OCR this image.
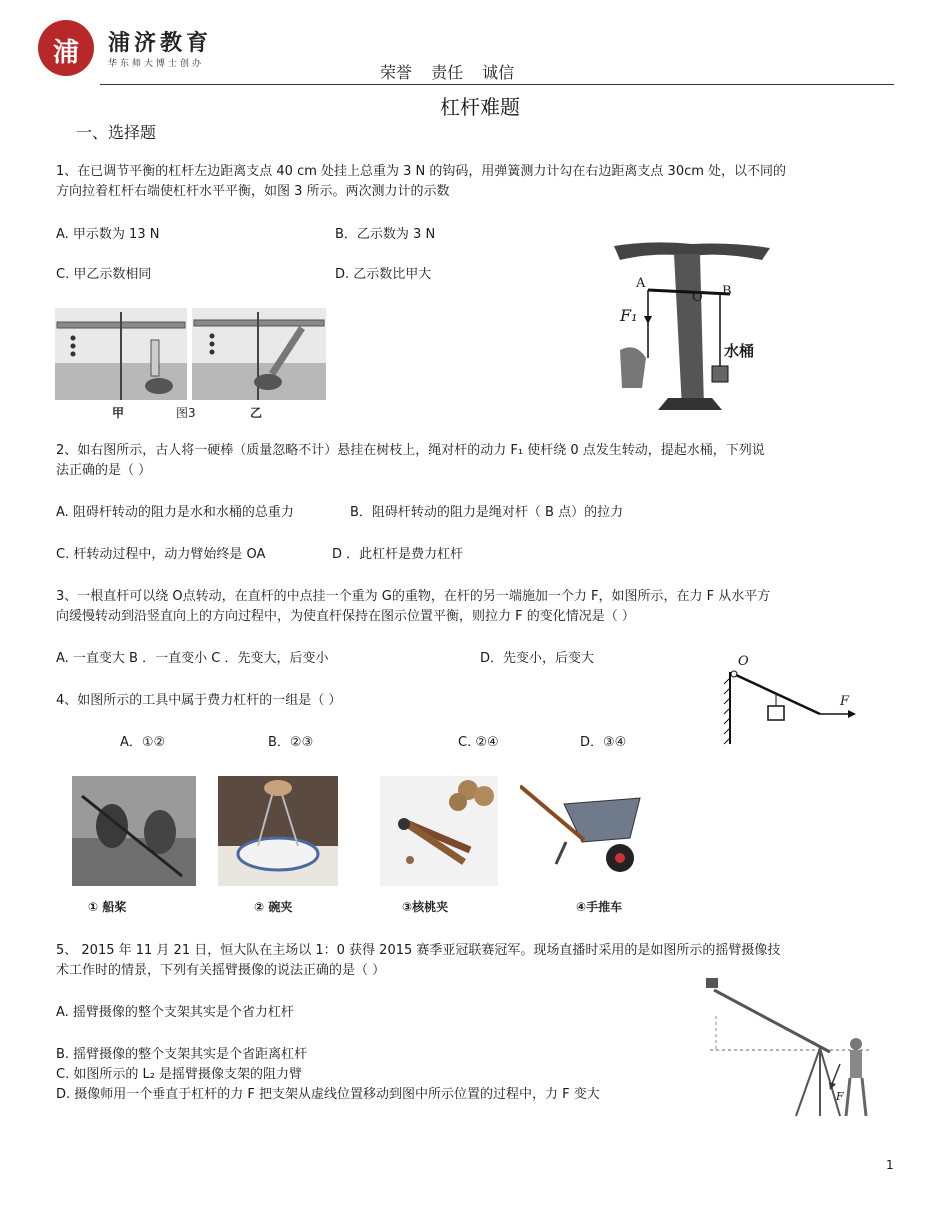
浦	浦济教育
华东师大博士创办	荣誉 责任 诚信
杠杆难题
一、选择题
1、在已调节平衡的杠杆左边距离支点 40 cm 处挂上总重为 3 N 的钩码，用弹簧测力计勾在右边距离支点 30cm 处，以不同的
方向拉着杠杆右端使杠杆水平平衡，如图 3 所示。两次测力计的示数
A. 甲示数为 13 N	B．乙示数为 3 N
C. 甲乙示数相同	D. 乙示数比甲大
甲	图3	乙
A
O B
F₁
水桶
2、如右图所示，古人将一硬棒（质量忽略不计）悬挂在树枝上，绳对杆的动力 F₁ 使杆绕 0 点发生转动，提起水桶，下列说
法正确的是（ ）
A. 阻碍杆转动的阻力是水和水桶的总重力	B．阻碍杆转动的阻力是绳对杆（ B 点）的拉力
C. 杆转动过程中，动力臂始终是 OA	D ．此杠杆是费力杠杆
3、一根直杆可以绕 O点转动，在直杆的中点挂一个重为 G的重物，在杆的另一端施加一个力 F，如图所示，在力 F 从水平方
向缓慢转动到沿竖直向上的方向过程中，为使直杆保持在图示位置平衡，则拉力 F 的变化情况是（ ）
A. 一直变大 B ．一直变小 C ．先变大，后变小	D．先变小，后变大	O
F
4、如图所示的工具中属于费力杠杆的一组是（ ）
A．①②	B．②③	C. ②④	D．③④
① 船桨	② 碗夹	③核桃夹	④手推车
5、 2015 年 11 月 21 日，恒大队在主场以 1：0 获得 2015 赛季亚冠联赛冠军。现场直播时采用的是如图所示的摇臂摄像技
术工作时的情景，下列有关摇臂摄像的说法正确的是（ ）
A. 摇臂摄像的整个支架其实是个省力杠杆
B. 摇臂摄像的整个支架其实是个省距离杠杆
C. 如图所示的 L₂ 是摇臂摄像支架的阻力臂
D. 摄像师用一个垂直于杠杆的力 F 把支架从虚线位置移动到图中所示位置的过程中，力 F 变大	F
1
